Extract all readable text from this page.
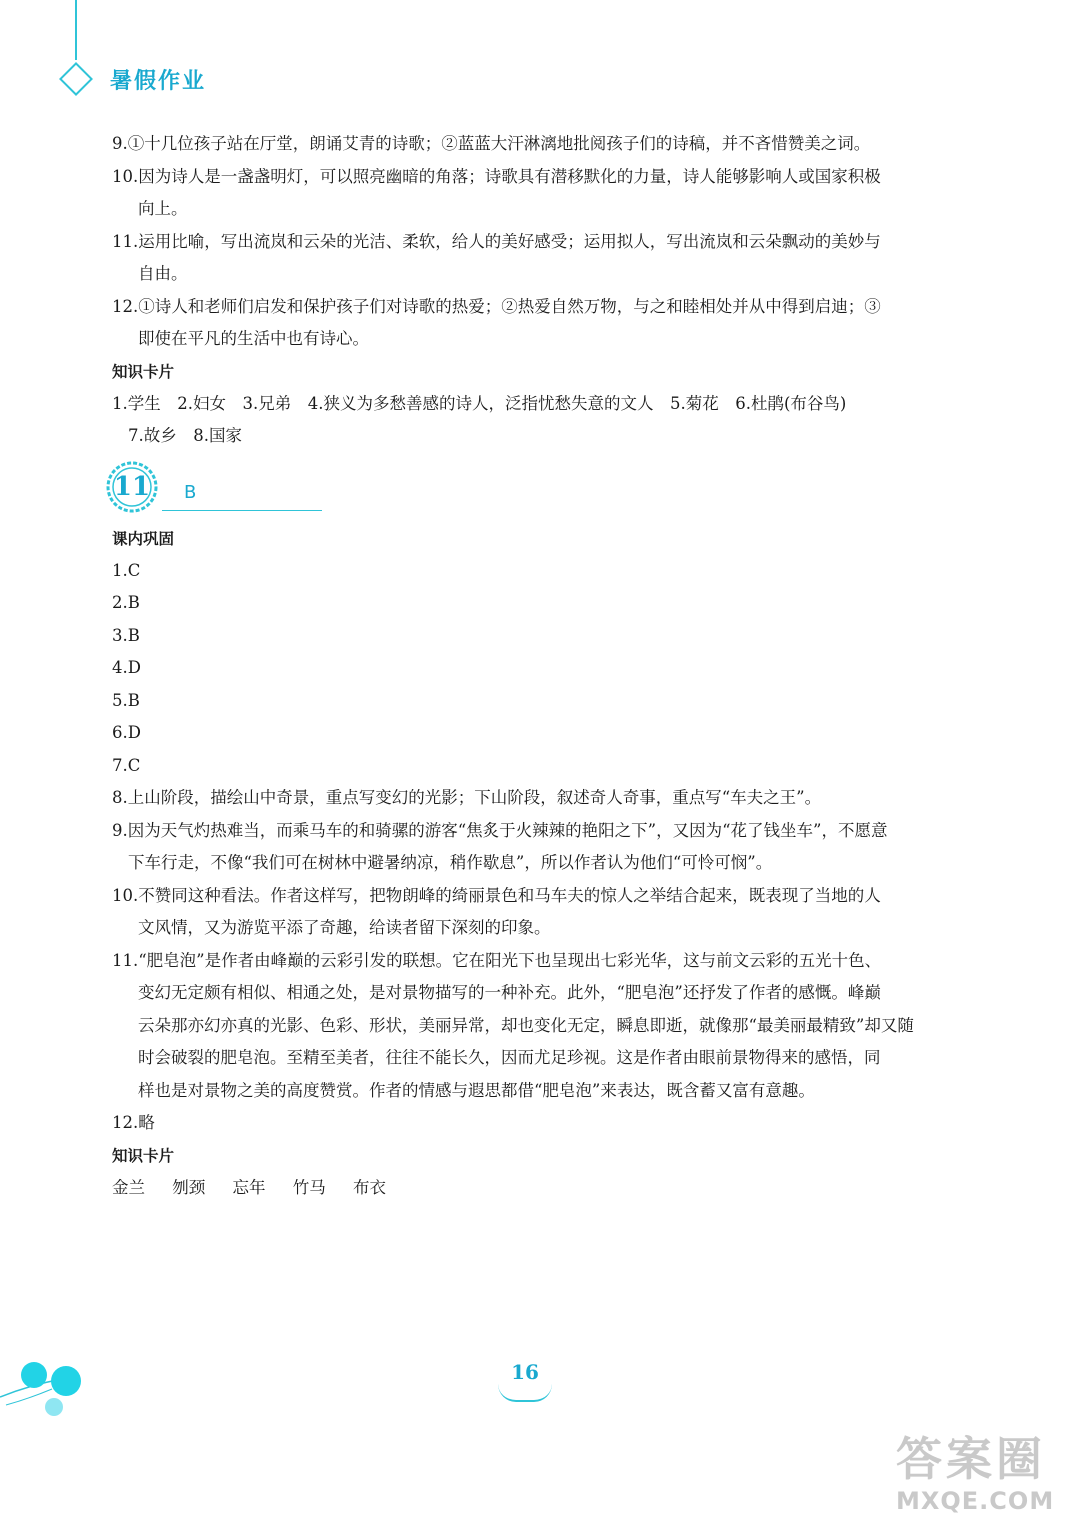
暑假作业
9.①十几位孩子站在厅堂，朗诵艾青的诗歌；②蓝蓝大汗淋漓地批阅孩子们的诗稿，并不吝惜赞美之词。
10.因为诗人是一盏盏明灯，可以照亮幽暗的角落；诗歌具有潜移默化的力量，诗人能够影响人或国家积极
向上。
11.运用比喻，写出流岚和云朵的光洁、柔软，给人的美好感受；运用拟人，写出流岚和云朵飘动的美妙与
自由。
12.①诗人和老师们启发和保护孩子们对诗歌的热爱；②热爱自然万物，与之和睦相处并从中得到启迪；③
即使在平凡的生活中也有诗心。
知识卡片
1.学生　2.妇女　3.兄弟　4.狭义为多愁善感的诗人，泛指忧愁失意的文人　5.菊花　6.杜鹃(布谷鸟)
7.故乡　8.国家
11	B
课内巩固
1.C
2.B
3.B
4.D
5.B
6.D
7.C
8.上山阶段，描绘山中奇景，重点写变幻的光影；下山阶段，叙述奇人奇事，重点写“车夫之王”。
9.因为天气灼热难当，而乘马车的和骑骡的游客“焦炙于火辣辣的艳阳之下”，又因为“花了钱坐车”，不愿意
下车行走，不像“我们可在树林中避暑纳凉，稍作歇息”，所以作者认为他们“可怜可悯”。
10.不赞同这种看法。作者这样写，把物朗峰的绮丽景色和马车夫的惊人之举结合起来，既表现了当地的人
文风情，又为游览平添了奇趣，给读者留下深刻的印象。
11.“肥皂泡”是作者由峰巅的云彩引发的联想。它在阳光下也呈现出七彩光华，这与前文云彩的五光十色、
变幻无定颇有相似、相通之处，是对景物描写的一种补充。此外，“肥皂泡”还抒发了作者的感慨。峰巅
云朵那亦幻亦真的光影、色彩、形状，美丽异常，却也变化无定，瞬息即逝，就像那“最美丽最精致”却又随
时会破裂的肥皂泡。至精至美者，往往不能长久，因而尤足珍视。这是作者由眼前景物得来的感悟，同
样也是对景物之美的高度赞赏。作者的情感与遐思都借“肥皂泡”来表达，既含蓄又富有意趣。
12.略
知识卡片
金兰 刎颈 忘年 竹马 布衣
16
答案圈
MXQE.COM
